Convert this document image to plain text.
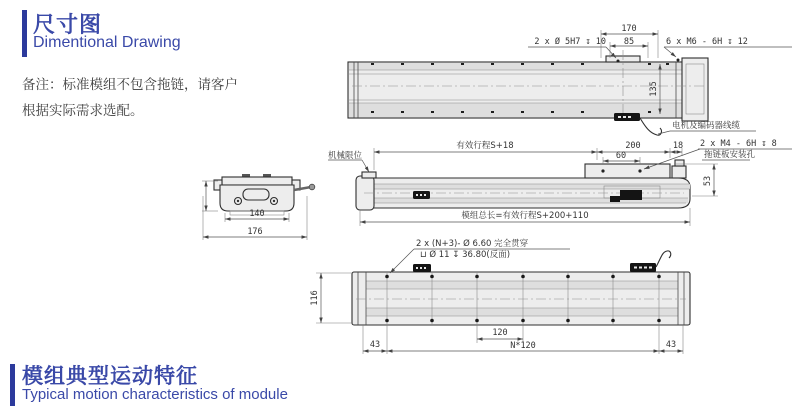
尺寸图
Dimentional Drawing
备注：标准模组不包含拖链，请客户
根据实际需求选配。
模组典型运动特征
Typical motion characteristics of module
电机及编码器线缆
170
85
2 x Ø 5H7 ↧ 10	6 x M6 - 6H ↧ 12
135
有效行程S+18	200	18 2 x M4 - 6H ↧ 8
拖链板安装孔
60
机械限位
模组总长=有效行程S+200+110
53
2 x (N+3)- Ø 6.60 完全贯穿
⊔ Ø 11 ↧ 36.80(反面)
116
120
N*120
43	43
140
176
